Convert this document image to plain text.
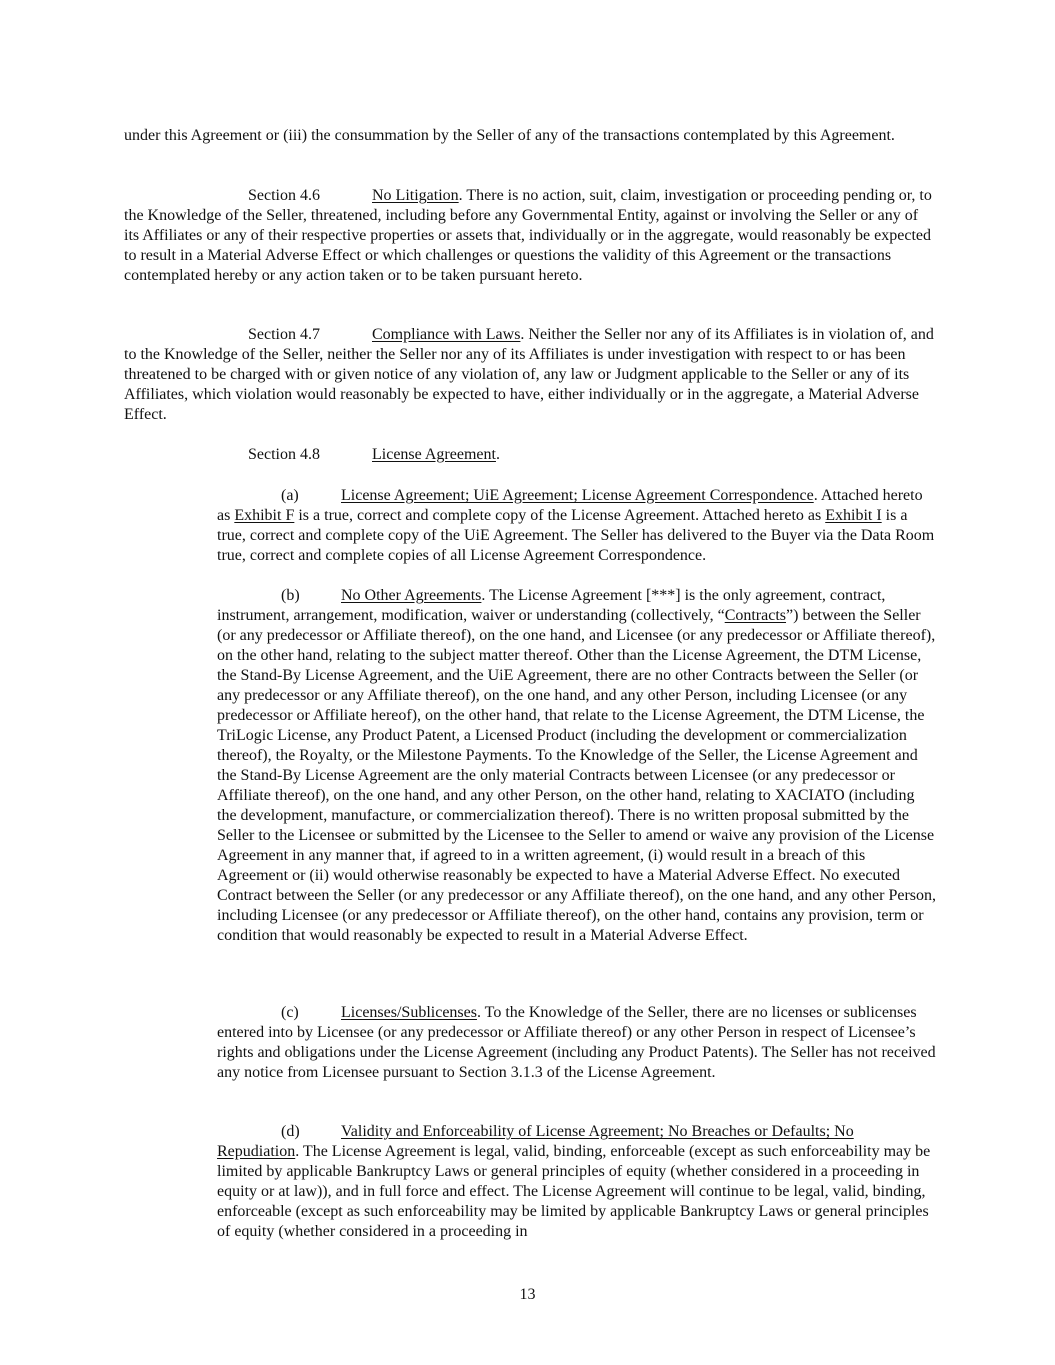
under this Agreement or (iii) the consummation by the Seller of any of the transactions contemplated by this Agreement.

Section 4.6	No Litigation. There is no action, suit, claim, investigation or proceeding pending or, to the Knowledge of the Seller, threatened, including before any Governmental Entity, against or involving the Seller or any of its Affiliates or any of their respective properties or assets that, individually or in the aggregate, would reasonably be expected to result in a Material Adverse Effect or which challenges or questions the validity of this Agreement or the transactions contemplated hereby or any action taken or to be taken pursuant hereto.

Section 4.7	Compliance with Laws. Neither the Seller nor any of its Affiliates is in violation of, and to the Knowledge of the Seller, neither the Seller nor any of its Affiliates is under investigation with respect to or has been threatened to be charged with or given notice of any violation of, any law or Judgment applicable to the Seller or any of its Affiliates, which violation would reasonably be expected to have, either individually or in the aggregate, a Material Adverse Effect.

Section 4.8	License Agreement.

(a)	License Agreement; UiE Agreement; License Agreement Correspondence. Attached hereto as Exhibit F is a true, correct and complete copy of the License Agreement. Attached hereto as Exhibit I is a true, correct and complete copy of the UiE Agreement. The Seller has delivered to the Buyer via the Data Room true, correct and complete copies of all License Agreement Correspondence.

(b)	No Other Agreements. The License Agreement [***] is the only agreement, contract, instrument, arrangement, modification, waiver or understanding (collectively, “Contracts”) between the Seller (or any predecessor or Affiliate thereof), on the one hand, and Licensee (or any predecessor or Affiliate thereof), on the other hand, relating to the subject matter thereof. Other than the License Agreement, the DTM License, the Stand-By License Agreement, and the UiE Agreement, there are no other Contracts between the Seller (or any predecessor or any Affiliate thereof), on the one hand, and any other Person, including Licensee (or any predecessor or Affiliate hereof), on the other hand, that relate to the License Agreement, the DTM License, the TriLogic License, any Product Patent, a Licensed Product (including the development or commercialization thereof), the Royalty, or the Milestone Payments. To the Knowledge of the Seller, the License Agreement and the Stand-By License Agreement are the only material Contracts between Licensee (or any predecessor or Affiliate thereof), on the one hand, and any other Person, on the other hand, relating to XACIATO (including the development, manufacture, or commercialization thereof). There is no written proposal submitted by the Seller to the Licensee or submitted by the Licensee to the Seller to amend or waive any provision of the License Agreement in any manner that, if agreed to in a written agreement, (i) would result in a breach of this Agreement or (ii) would otherwise reasonably be expected to have a Material Adverse Effect. No executed Contract between the Seller (or any predecessor or any Affiliate thereof), on the one hand, and any other Person, including Licensee (or any predecessor or Affiliate thereof), on the other hand, contains any provision, term or condition that would reasonably be expected to result in a Material Adverse Effect.

(c)	Licenses/Sublicenses. To the Knowledge of the Seller, there are no licenses or sublicenses entered into by Licensee (or any predecessor or Affiliate thereof) or any other Person in respect of Licensee’s rights and obligations under the License Agreement (including any Product Patents). The Seller has not received any notice from Licensee pursuant to Section 3.1.3 of the License Agreement.

(d)	Validity and Enforceability of License Agreement; No Breaches or Defaults; No Repudiation. The License Agreement is legal, valid, binding, enforceable (except as such enforceability may be limited by applicable Bankruptcy Laws or general principles of equity (whether considered in a proceeding in equity or at law)), and in full force and effect. The License Agreement will continue to be legal, valid, binding, enforceable (except as such enforceability may be limited by applicable Bankruptcy Laws or general principles of equity (whether considered in a proceeding in

13
